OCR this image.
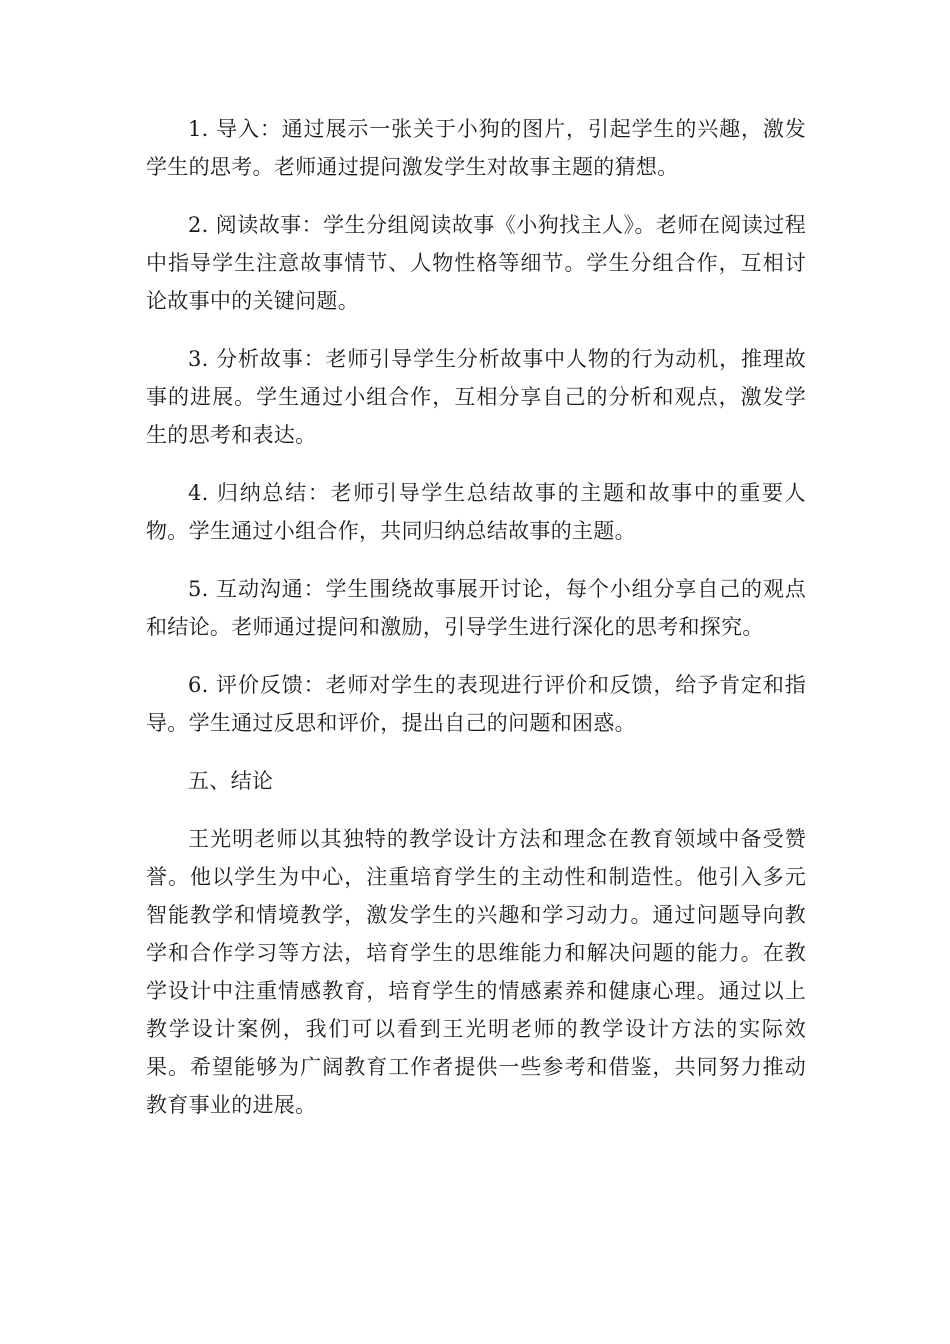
1. 导入：通过展示一张关于小狗的图片，引起学生的兴趣，激发学生的思考。老师通过提问激发学生对故事主题的猜想。

2. 阅读故事：学生分组阅读故事《小狗找主人》。老师在阅读过程中指导学生注意故事情节、人物性格等细节。学生分组合作，互相讨论故事中的关键问题。

3. 分析故事：老师引导学生分析故事中人物的行为动机，推理故事的进展。学生通过小组合作，互相分享自己的分析和观点，激发学生的思考和表达。

4. 归纳总结：老师引导学生总结故事的主题和故事中的重要人物。学生通过小组合作，共同归纳总结故事的主题。

5. 互动沟通：学生围绕故事展开讨论，每个小组分享自己的观点和结论。老师通过提问和激励，引导学生进行深化的思考和探究。

6. 评价反馈：老师对学生的表现进行评价和反馈，给予肯定和指导。学生通过反思和评价，提出自己的问题和困惑。

五、结论

王光明老师以其独特的教学设计方法和理念在教育领域中备受赞誉。他以学生为中心，注重培育学生的主动性和制造性。他引入多元智能教学和情境教学，激发学生的兴趣和学习动力。通过问题导向教学和合作学习等方法，培育学生的思维能力和解决问题的能力。在教学设计中注重情感教育，培育学生的情感素养和健康心理。通过以上教学设计案例，我们可以看到王光明老师的教学设计方法的实际效果。希望能够为广阔教育工作者提供一些参考和借鉴，共同努力推动教育事业的进展。
